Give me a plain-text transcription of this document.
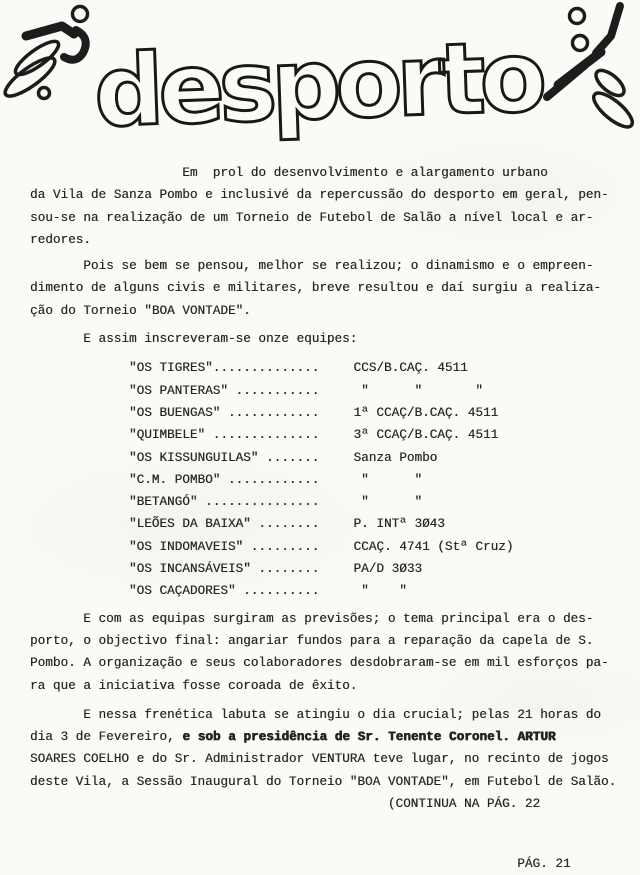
desporto
Em  prol do desenvolvimento e alargamento urbano
da Vila de Sanza Pombo e inclusivé da repercussão do desporto em geral, pen-
sou-se na realização de um Torneio de Futebol de Salão a nível local e ar-
redores.
Pois se bem se pensou, melhor se realizou; o dinamismo e o empreen-
dimento de alguns civis e militares, breve resultou e daí surgiu a realiza-
ção do Torneio "BOA VONTADE".
E assim inscreveram-se onze equipes:
"OS TIGRES"..............	CCS/B.CAÇ. 4511
"OS PANTERAS" ...........	"      "       "
"OS BUENGAS" ............	1ª CCAÇ/B.CAÇ. 4511
"QUIMBELE" ..............	3ª CCAÇ/B.CAÇ. 4511
"OS KISSUNGUILAS" .......	Sanza Pombo
"C.M. POMBO" ............	"      "
"BETANGÓ" ...............	"      "
"LEÕES DA BAIXA" ........	P. INTª 3Ø43
"OS INDOMAVEIS" .........	CCAÇ. 4741 (Stª Cruz)
"OS INCANSÁVEIS" ........	PA/D 3Ø33
"OS CAÇADORES" ..........	"    "
E com as equipas surgiram as previsões; o tema principal era o des-
porto, o objectivo final: angariar fundos para a reparação da capela de S.
Pombo. A organização e seus colaboradores desdobraram-se em mil esforços pa-
ra que a iniciativa fosse coroada de êxito.
E nessa frenética labuta se atingiu o dia crucial; pelas 21 horas do
dia 3 de Fevereiro, e sob a presidência de Sr. Tenente Coronel. ARTUR
SOARES COELHO e do Sr. Administrador VENTURA teve lugar, no recinto de jogos
deste Vila, a Sessão Inaugural do Torneio "BOA VONTADE", em Futebol de Salão.
(CONTINUA NA PÁG. 22
PÁG. 21
